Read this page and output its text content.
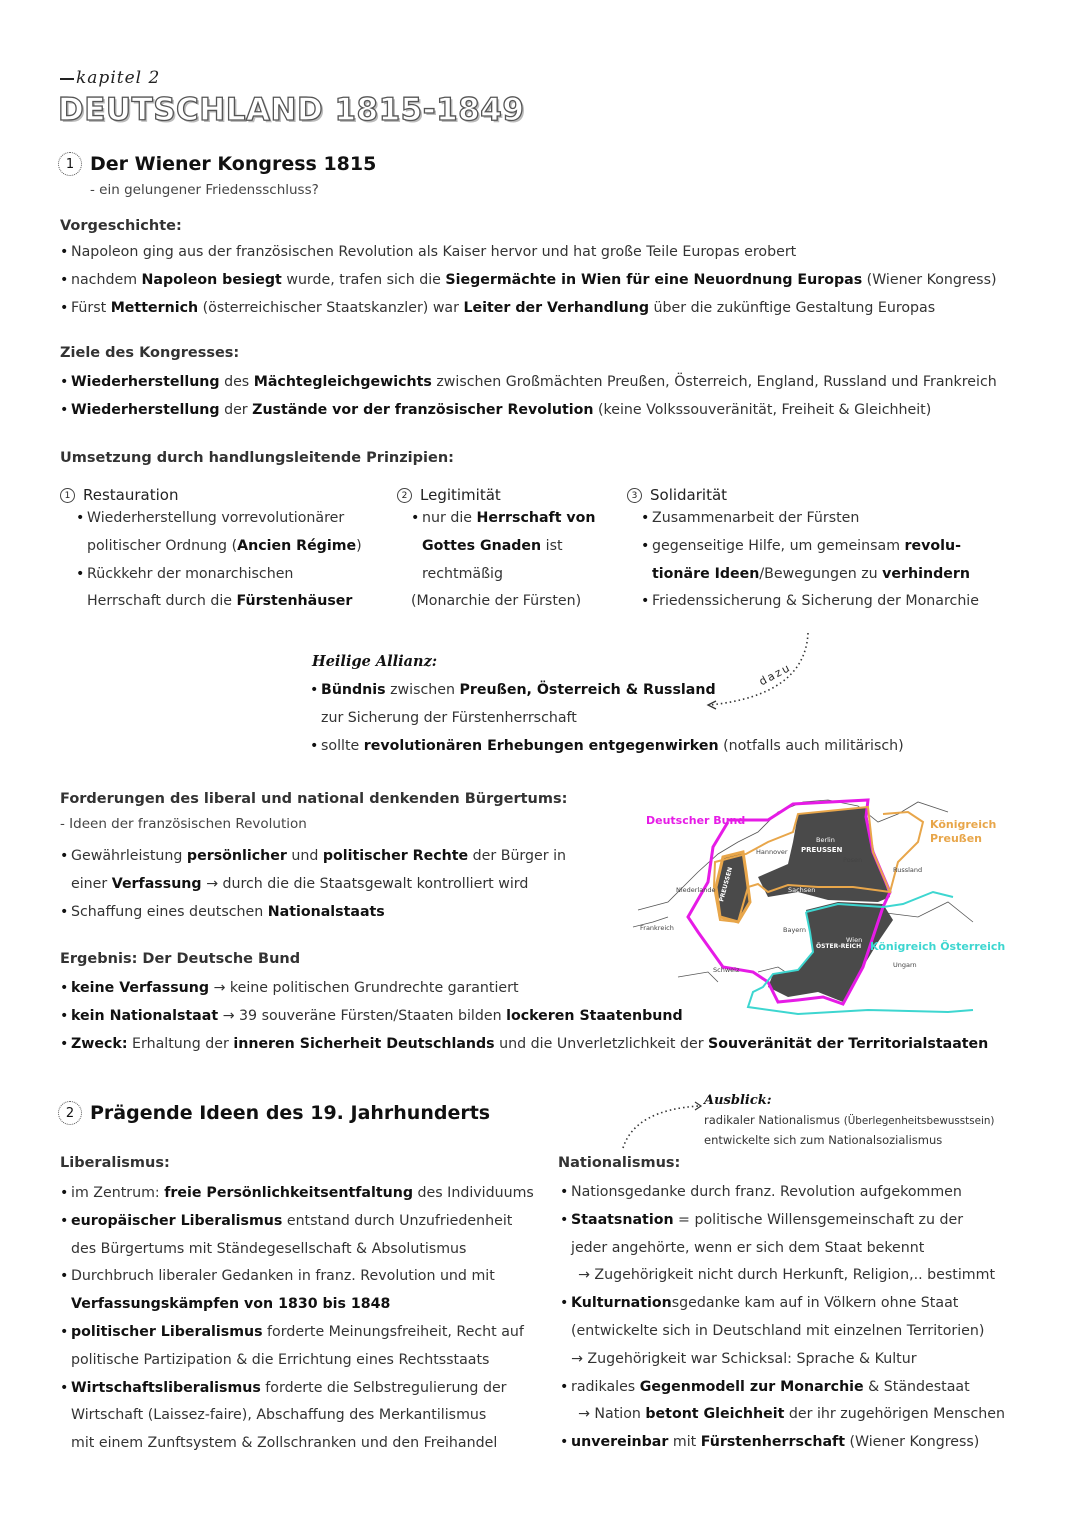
kapitel 2
DEUTSCHLAND 1815-1849
1 Der Wiener Kongress 1815
- ein gelungener Friedensschluss?
Vorgeschichte:
• Napoleon ging aus der französischen Revolution als Kaiser hervor und hat große Teile Europas erobert
• nachdem Napoleon besiegt wurde, trafen sich die Siegermächte in Wien für eine Neuordnung Europas (Wiener Kongress)
• Fürst Metternich (österreichischer Staatskanzler) war Leiter der Verhandlung über die zukünftige Gestaltung Europas
Ziele des Kongresses:
• Wiederherstellung des Mächtegleichgewichts zwischen Großmächten Preußen, Österreich, England, Russland und Frankreich
• Wiederherstellung der Zustände vor der französischer Revolution (keine Volkssouveränität, Freiheit & Gleichheit)
Umsetzung durch handlungsleitende Prinzipien:
1 Restauration
• Wiederherstellung vorrevolutionärer
politischer Ordnung (Ancien Régime)
• Rückkehr der monarchischen
Herrschaft durch die Fürstenhäuser
2 Legitimität
• nur die Herrschaft von
Gottes Gnaden ist
rechtmäßig
(Monarchie der Fürsten)
3 Solidarität
• Zusammenarbeit der Fürsten
• gegenseitige Hilfe, um gemeinsam revolu-
tionäre Ideen/Bewegungen zu verhindern
• Friedenssicherung & Sicherung der Monarchie
dazu
Heilige Allianz:
• Bündnis zwischen Preußen, Österreich & Russland
zur Sicherung der Fürstenherrschaft
• sollte revolutionären Erhebungen entgegenwirken (notfalls auch militärisch)
Forderungen des liberal und national denkenden Bürgertums:
- Ideen der französischen Revolution
• Gewährleistung persönlicher und politischer Rechte der Bürger in
einer Verfassung → durch die die Staatsgewalt kontrolliert wird
• Schaffung eines deutschen Nationalstaats
Ergebnis: Der Deutsche Bund
• keine Verfassung → keine politischen Grundrechte garantiert
• kein Nationalstaat → 39 souveräne Fürsten/Staaten bilden lockeren Staatenbund
• Zweck: Erhaltung der inneren Sicherheit Deutschlands und die Unverletzlichkeit der Souveränität der Territorialstaaten
PREUSSEN
PREUSSEN
ÖSTER-REICH
Niederlande
Frankreich	Bayern
Schweiz
Russland
Ungarn
Posen
Sachsen
Hannover
Berlin
Wien
Deutscher Bund	Königreich Preußen
Königreich Österreich
2 Prägende Ideen des 19. Jahrhunderts
Ausblick:
radikaler Nationalismus (Überlegenheitsbewusstsein)
entwickelte sich zum Nationalsozialismus
Liberalismus:
• im Zentrum: freie Persönlichkeitsentfaltung des Individuums
• europäischer Liberalismus entstand durch Unzufriedenheit
des Bürgertums mit Ständegesellschaft & Absolutismus
• Durchbruch liberaler Gedanken in franz. Revolution und mit
Verfassungskämpfen von 1830 bis 1848
• politischer Liberalismus forderte Meinungsfreiheit, Recht auf
politische Partizipation & die Errichtung eines Rechtsstaats
• Wirtschaftsliberalismus forderte die Selbstregulierung der
Wirtschaft (Laissez-faire), Abschaffung des Merkantilismus
mit einem Zunftsystem & Zollschranken und den Freihandel
Nationalismus:
• Nationsgedanke durch franz. Revolution aufgekommen
• Staatsnation = politische Willensgemeinschaft zu der
jeder angehörte, wenn er sich dem Staat bekennt
→ Zugehörigkeit nicht durch Herkunft, Religion,.. bestimmt
• Kulturnationsgedanke kam auf in Völkern ohne Staat
(entwickelte sich in Deutschland mit einzelnen Territorien)
→ Zugehörigkeit war Schicksal: Sprache & Kultur
• radikales Gegenmodell zur Monarchie & Ständestaat
→ Nation betont Gleichheit der ihr zugehörigen Menschen
• unvereinbar mit Fürstenherrschaft (Wiener Kongress)
